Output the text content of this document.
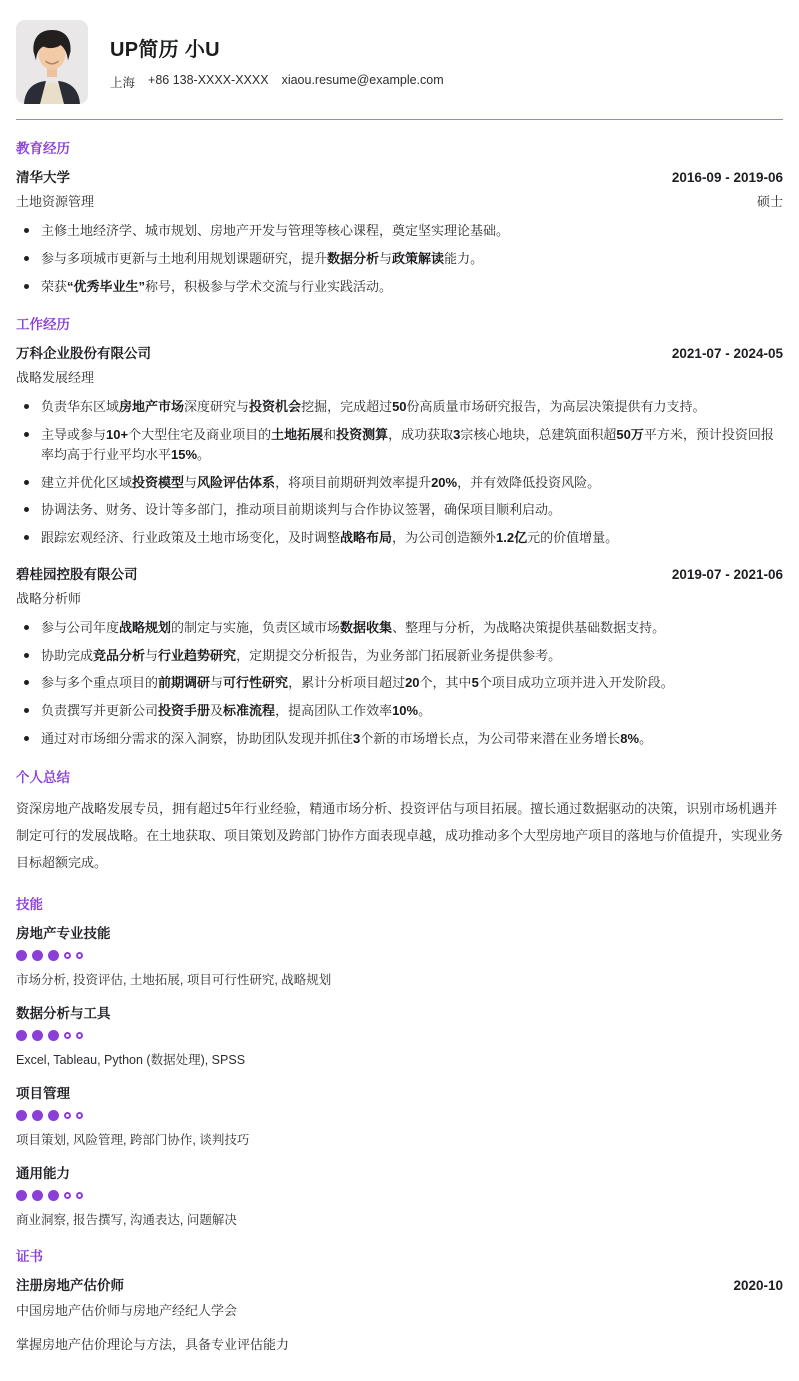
UP简历 小U
上海 +86 138-XXXX-XXXX xiaou.resume@example.com
教育经历
清华大学	2016-09 - 2019-06
土地资源管理	硕士
主修土地经济学、城市规划、房地产开发与管理等核心课程，奠定坚实理论基础。
参与多项城市更新与土地利用规划课题研究，提升数据分析与政策解读能力。
荣获“优秀毕业生”称号，积极参与学术交流与行业实践活动。
工作经历
万科企业股份有限公司	2021-07 - 2024-05
战略发展经理
负责华东区域房地产市场深度研究与投资机会挖掘，完成超过50份高质量市场研究报告，为高层决策提供有力支持。
主导或参与10+个大型住宅及商业项目的土地拓展和投资测算，成功获取3宗核心地块，总建筑面积超50万平方米，预计投资回报率均高于行业平均水平15%。
建立并优化区域投资模型与风险评估体系，将项目前期研判效率提升20%，并有效降低投资风险。
协调法务、财务、设计等多部门，推动项目前期谈判与合作协议签署，确保项目顺利启动。
跟踪宏观经济、行业政策及土地市场变化，及时调整战略布局，为公司创造额外1.2亿元的价值增量。
碧桂园控股有限公司	2019-07 - 2021-06
战略分析师
参与公司年度战略规划的制定与实施，负责区域市场数据收集、整理与分析，为战略决策提供基础数据支持。
协助完成竞品分析与行业趋势研究，定期提交分析报告，为业务部门拓展新业务提供参考。
参与多个重点项目的前期调研与可行性研究，累计分析项目超过20个，其中5个项目成功立项并进入开发阶段。
负责撰写并更新公司投资手册及标准流程，提高团队工作效率10%。
通过对市场细分需求的深入洞察，协助团队发现并抓住3个新的市场增长点，为公司带来潜在业务增长8%。
个人总结

资深房地产战略发展专员，拥有超过5年行业经验，精通市场分析、投资评估与项目拓展。擅长通过数据驱动的决策，识别市场机遇并制定可行的发展战略。在土地获取、项目策划及跨部门协作方面表现卓越，成功推动多个大型房地产项目的落地与价值提升，实现业务目标超额完成。

技能
房地产专业技能

市场分析, 投资评估, 土地拓展, 项目可行性研究, 战略规划

数据分析与工具

Excel, Tableau, Python (数据处理), SPSS

项目管理

项目策划, 风险管理, 跨部门协作, 谈判技巧

通用能力

商业洞察, 报告撰写, 沟通表达, 问题解决

证书
注册房地产估价师	2020-10
中国房地产估价师与房地产经纪人学会
掌握房地产估价理论与方法，具备专业评估能力
